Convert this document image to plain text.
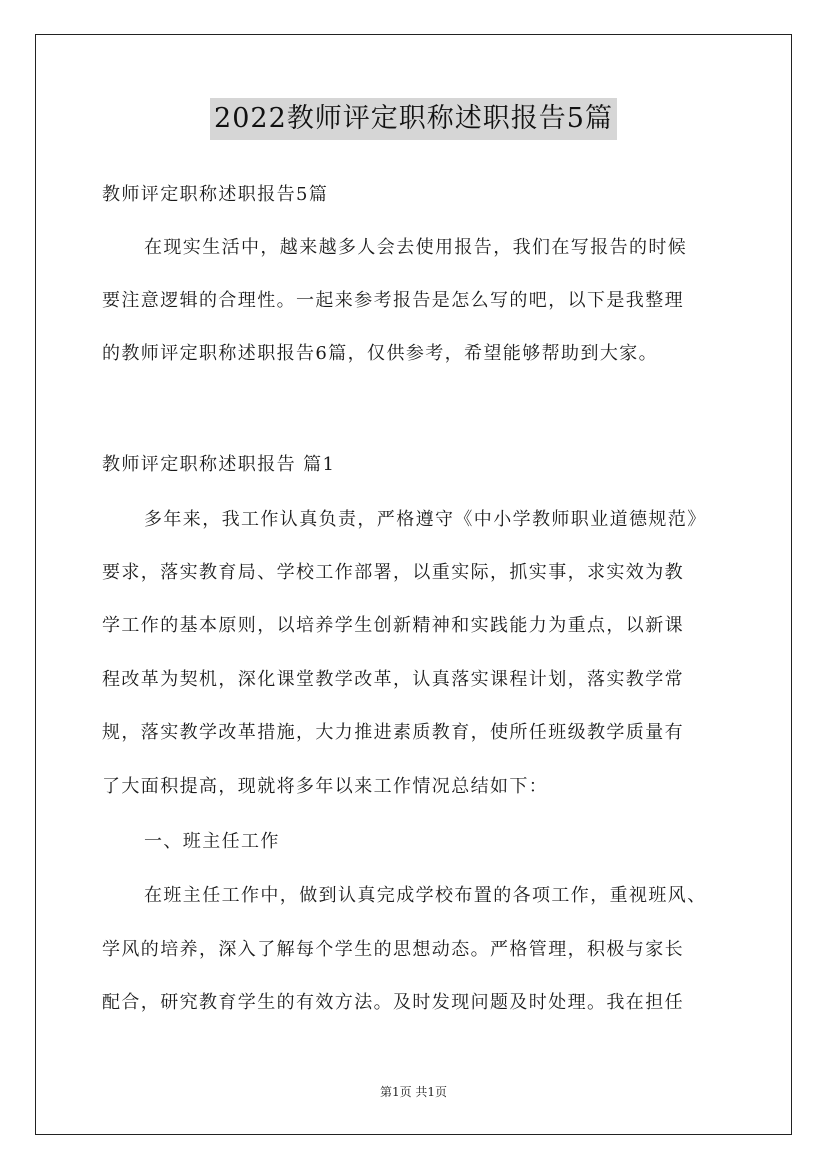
2022教师评定职称述职报告5篇
教师评定职称述职报告5篇
在现实生活中，越来越多人会去使用报告，我们在写报告的时候
要注意逻辑的合理性。一起来参考报告是怎么写的吧，以下是我整理
的教师评定职称述职报告6篇，仅供参考，希望能够帮助到大家。
教师评定职称述职报告 篇1
多年来，我工作认真负责，严格遵守《中小学教师职业道德规范》
要求，落实教育局、学校工作部署，以重实际，抓实事，求实效为教
学工作的基本原则，以培养学生创新精神和实践能力为重点，以新课
程改革为契机，深化课堂教学改革，认真落实课程计划，落实教学常
规，落实教学改革措施，大力推进素质教育，使所任班级教学质量有
了大面积提高，现就将多年以来工作情况总结如下：
一、班主任工作
在班主任工作中，做到认真完成学校布置的各项工作，重视班风、
学风的培养，深入了解每个学生的思想动态。严格管理，积极与家长
配合，研究教育学生的有效方法。及时发现问题及时处理。我在担任
第1页 共1页
